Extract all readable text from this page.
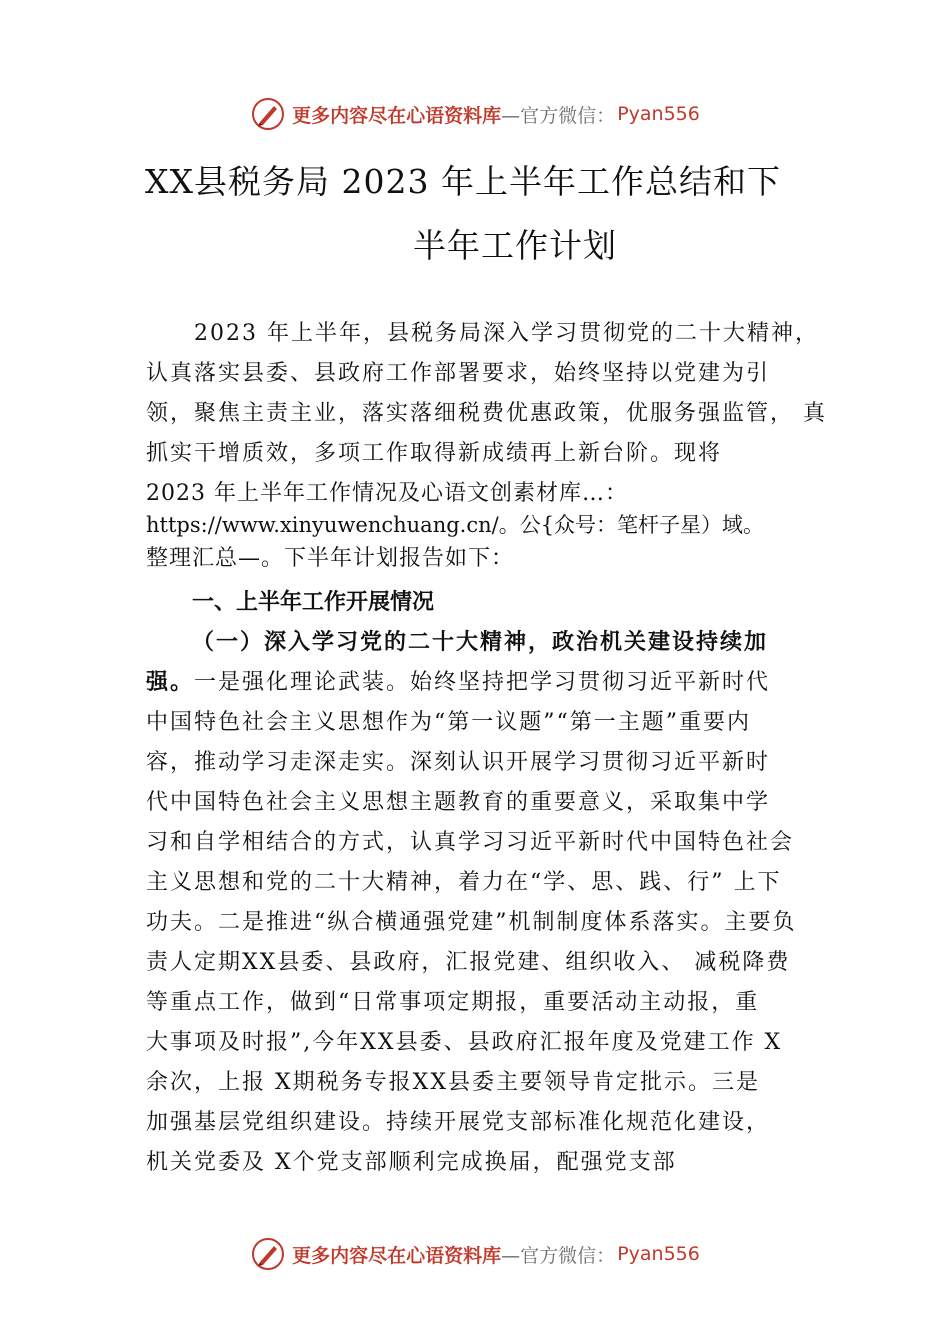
更多内容尽在心语资料库 —官方微信： Pyan556
XX县税务局 2023 年上半年工作总结和下
半年工作计划
　　2023 年上半年，县税务局深入学习贯彻党的二十大精神，
认真落实县委、县政府工作部署要求，始终坚持以党建为引
领，聚焦主责主业，落实落细税费优惠政策，优服务强监管， 真
抓实干增质效，多项工作取得新成绩再上新台阶。现将
2023 年上半年工作情况及心语文创素材库…：
https://www.xinyuwenchuang.cn/。公{众号：笔杆子星）域。
整理汇总—。下半年计划报告如下：
一、上半年工作开展情况
（一）深入学习党的二十大精神，政治机关建设持续加
强。一是强化理论武装。始终坚持把学习贯彻习近平新时代
中国特色社会主义思想作为“第一议题”“第一主题”重要内
容，推动学习走深走实。深刻认识开展学习贯彻习近平新时
代中国特色社会主义思想主题教育的重要意义，采取集中学
习和自学相结合的方式，认真学习习近平新时代中国特色社会
主义思想和党的二十大精神，着力在“学、思、践、行” 上下
功夫。二是推进“纵合横通强党建”机制制度体系落实。主要负
责人定期XX县委、县政府，汇报党建、组织收入、 减税降费
等重点工作，做到“日常事项定期报，重要活动主动报，重
大事项及时报”,今年XX县委、县政府汇报年度及党建工作 X
余次，上报 X期税务专报XX县委主要领导肯定批示。三是
加强基层党组织建设。持续开展党支部标准化规范化建设，
机关党委及 X个党支部顺利完成换届，配强党支部
更多内容尽在心语资料库 —官方微信： Pyan556
